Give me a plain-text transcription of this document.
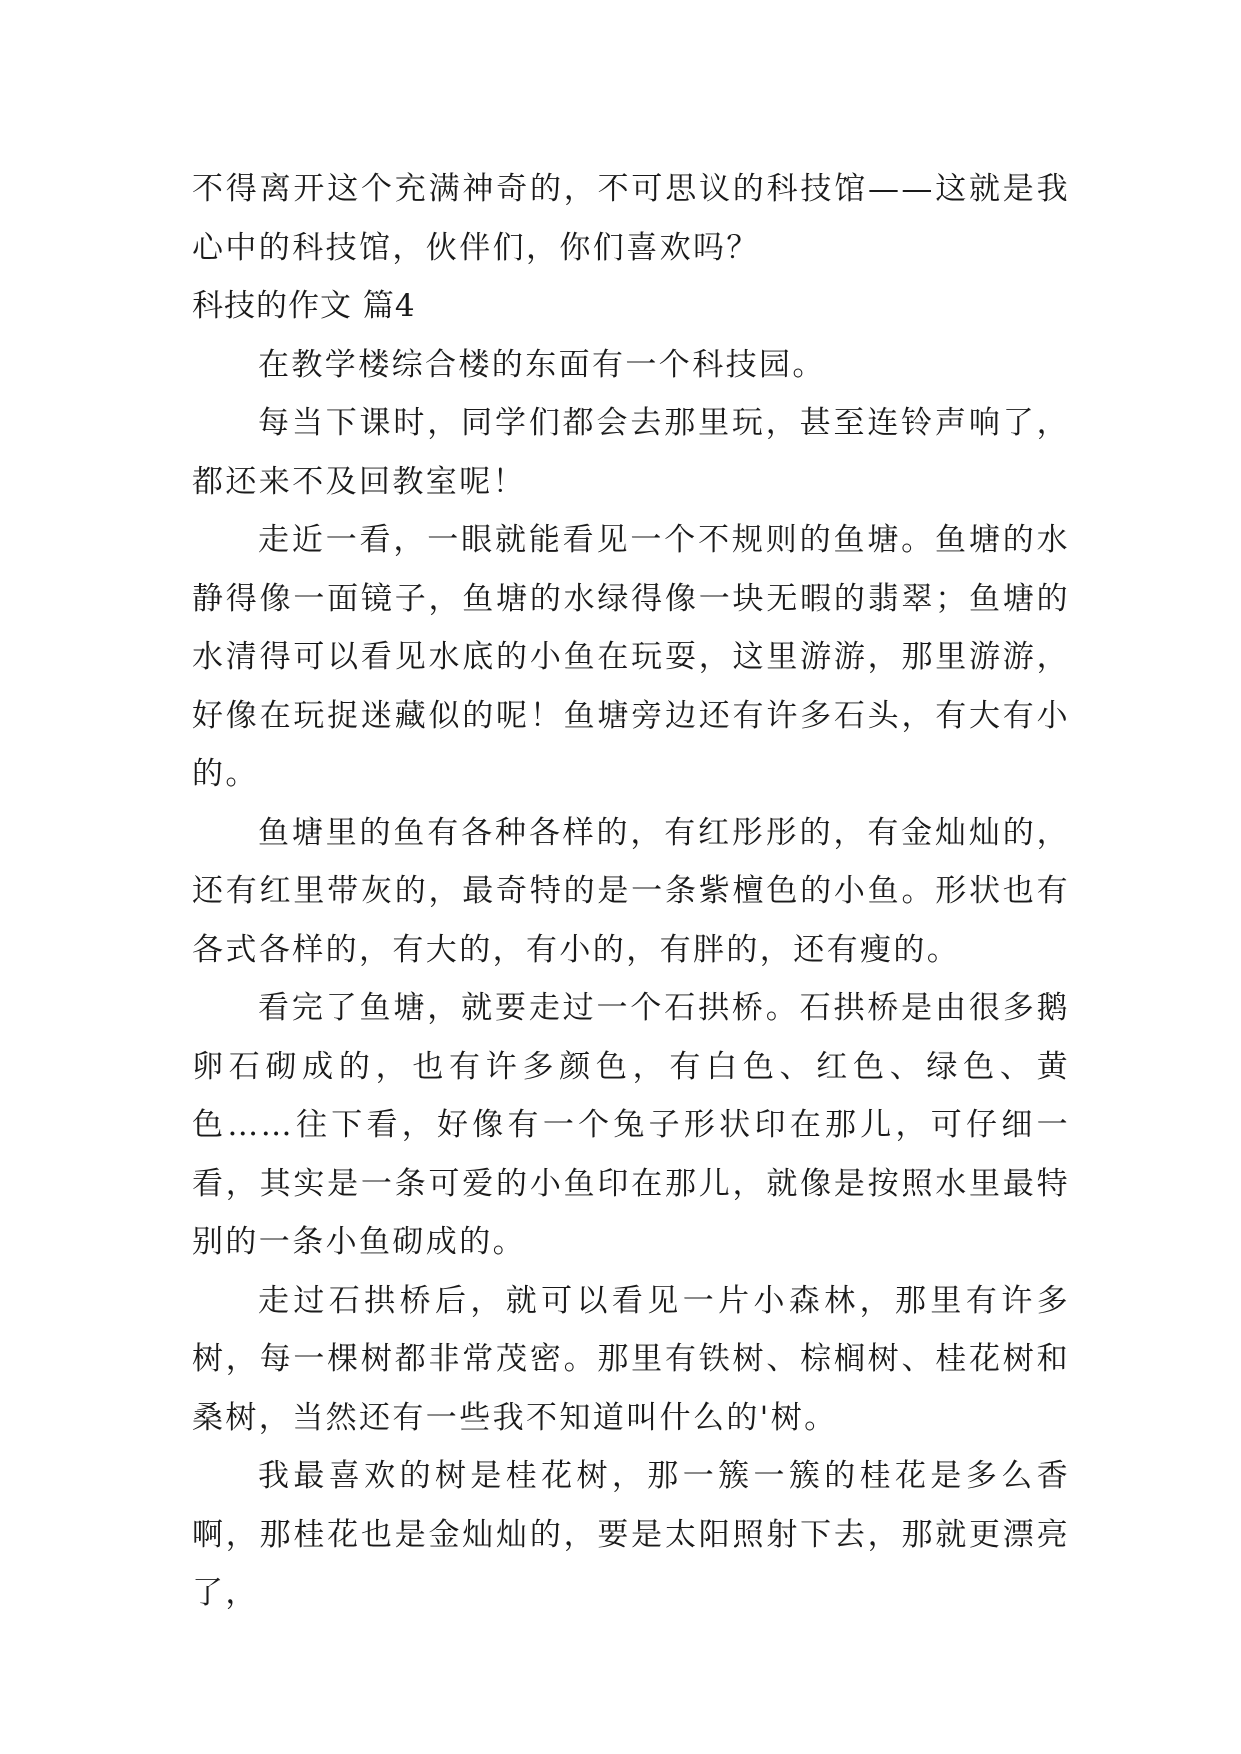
不得离开这个充满神奇的，不可思议的科技馆——这就是我心中的科技馆，伙伴们，你们喜欢吗？

科技的作文 篇4

在教学楼综合楼的东面有一个科技园。

每当下课时，同学们都会去那里玩，甚至连铃声响了，都还来不及回教室呢！

走近一看，一眼就能看见一个不规则的鱼塘。鱼塘的水静得像一面镜子，鱼塘的水绿得像一块无暇的翡翠；鱼塘的水清得可以看见水底的小鱼在玩耍，这里游游，那里游游，好像在玩捉迷藏似的呢！鱼塘旁边还有许多石头，有大有小的。

鱼塘里的鱼有各种各样的，有红彤彤的，有金灿灿的，还有红里带灰的，最奇特的是一条紫檀色的小鱼。形状也有各式各样的，有大的，有小的，有胖的，还有瘦的。

看完了鱼塘，就要走过一个石拱桥。石拱桥是由很多鹅卵石砌成的，也有许多颜色，有白色、红色、绿色、黄色……往下看，好像有一个兔子形状印在那儿，可仔细一看，其实是一条可爱的小鱼印在那儿，就像是按照水里最特别的一条小鱼砌成的。

走过石拱桥后，就可以看见一片小森林，那里有许多树，每一棵树都非常茂密。那里有铁树、棕榈树、桂花树和桑树，当然还有一些我不知道叫什么的'树。

我最喜欢的树是桂花树，那一簇一簇的桂花是多么香啊，那桂花也是金灿灿的，要是太阳照射下去，那就更漂亮了，
